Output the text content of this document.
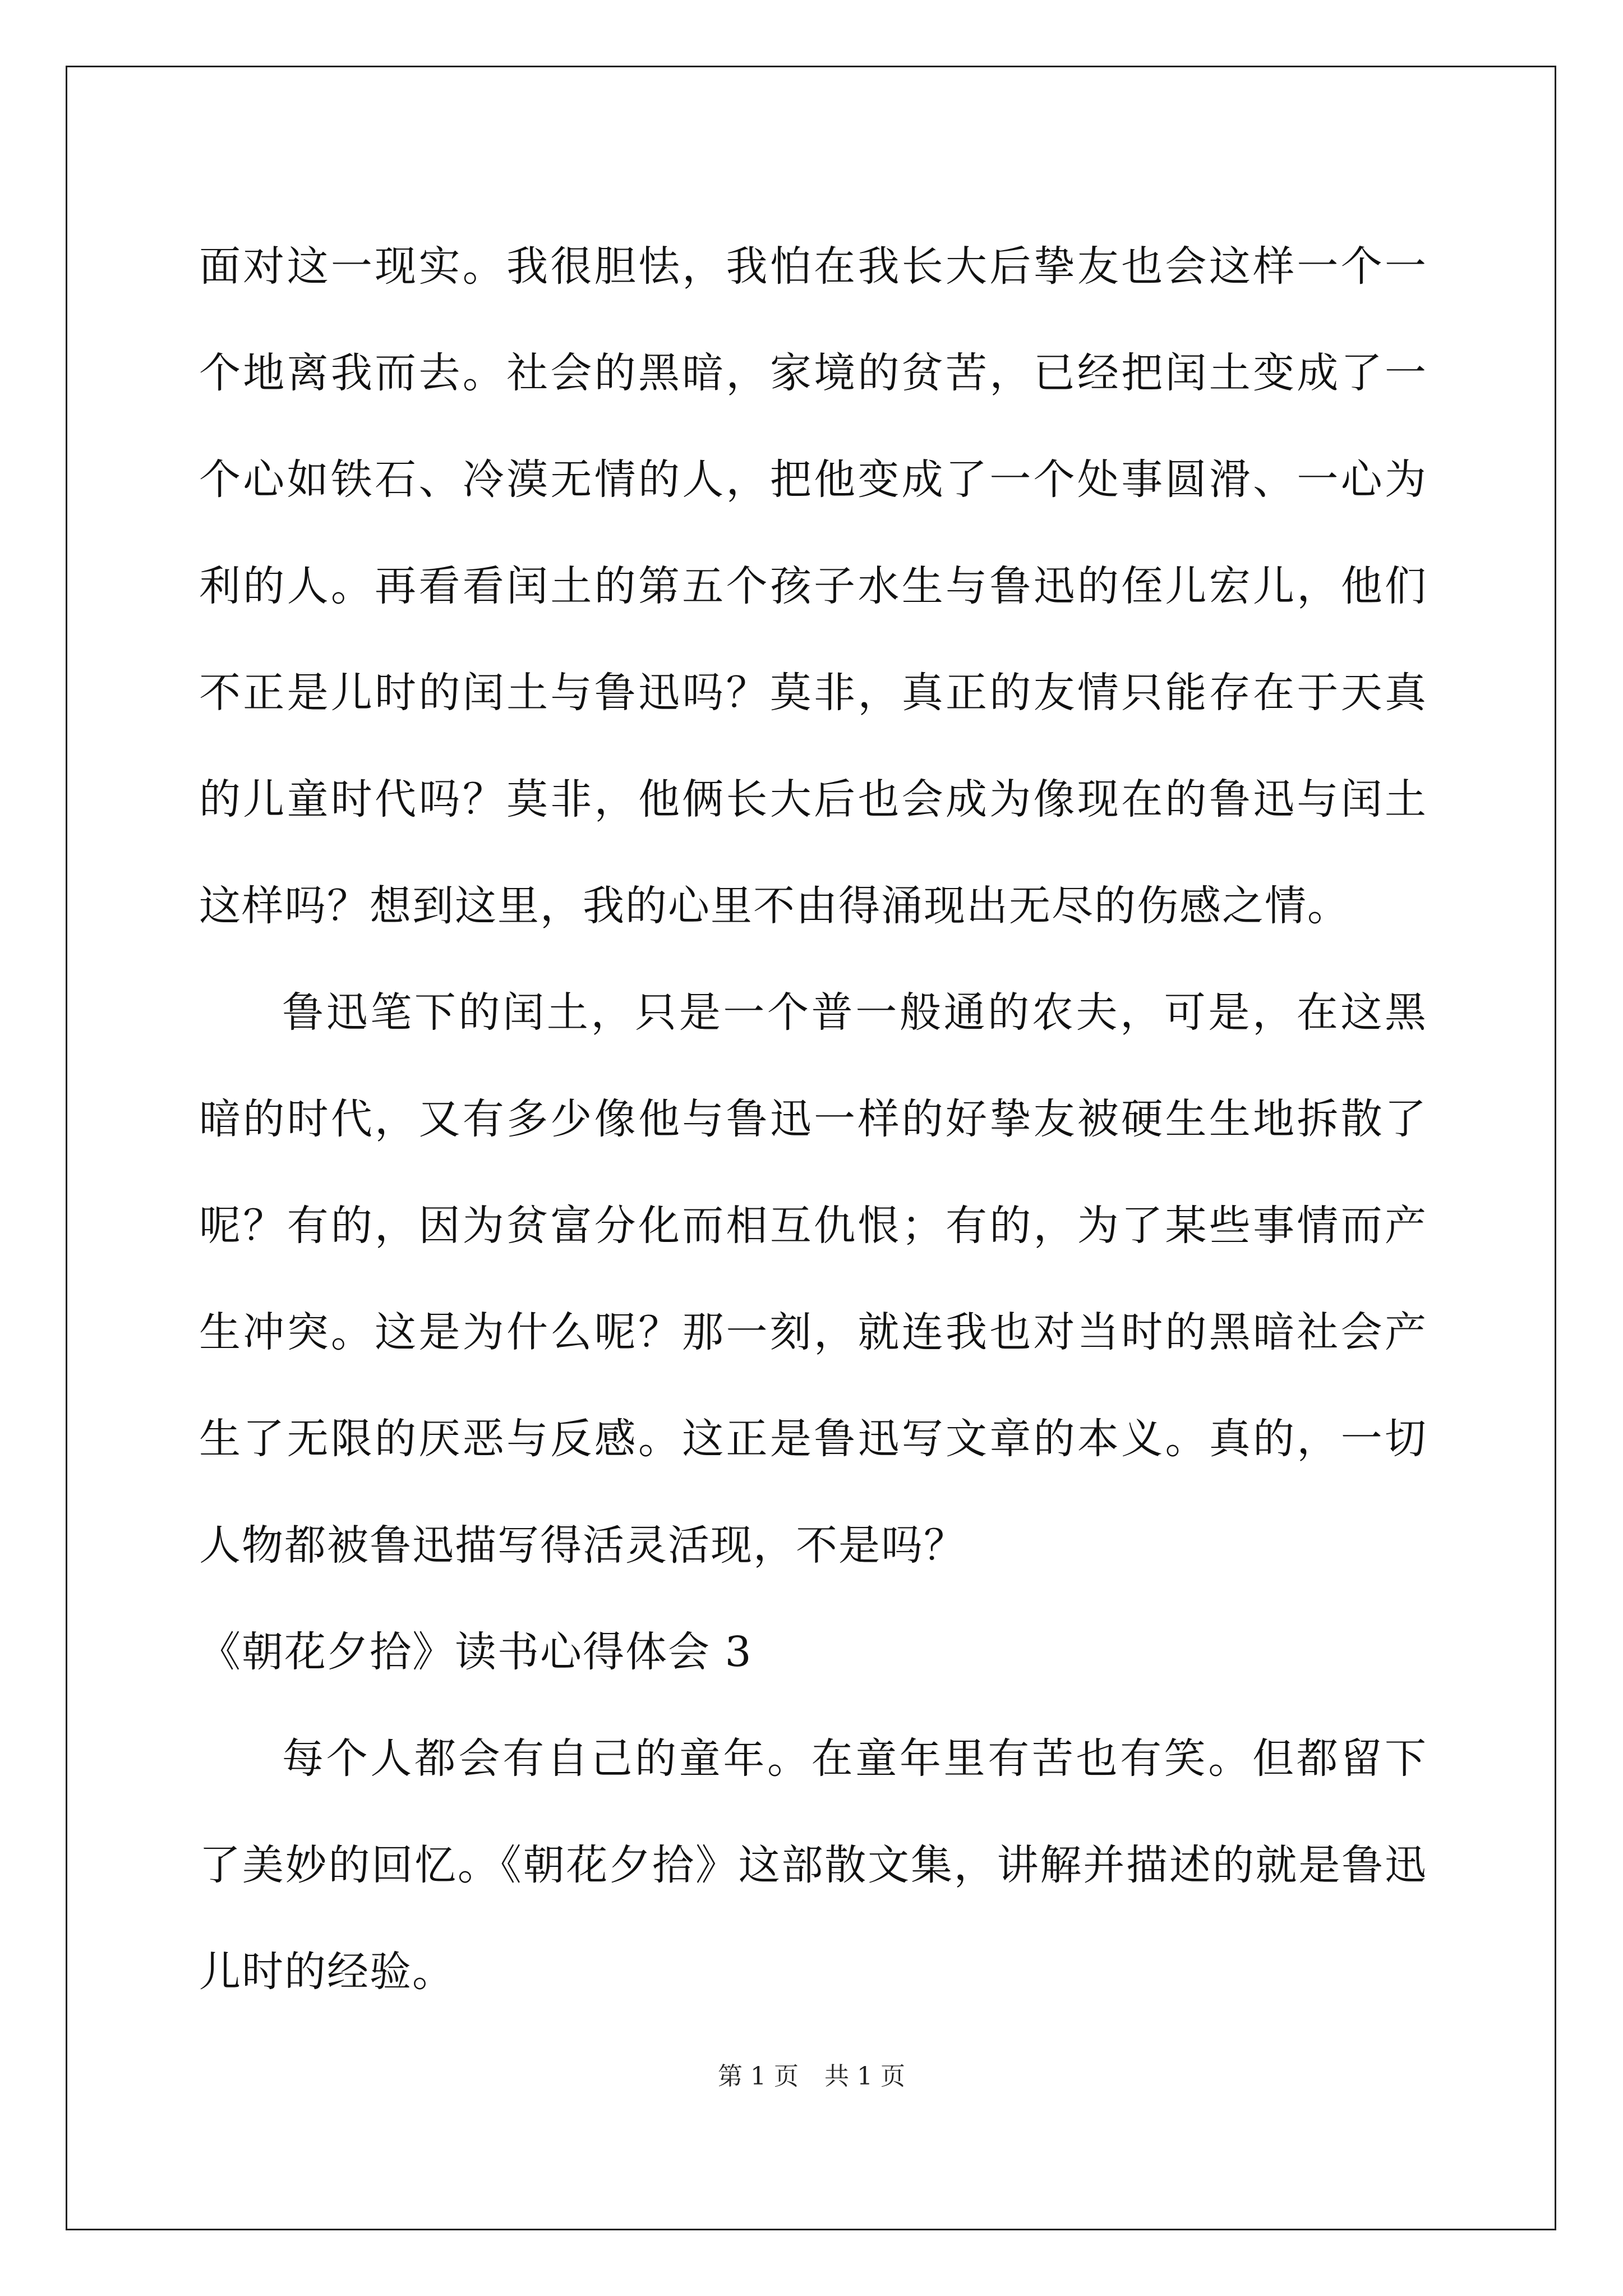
面对这一现实。我很胆怯，我怕在我长大后挚友也会这样一个一个地离我而去。社会的黑暗，家境的贫苦，已经把闰土变成了一个心如铁石、冷漠无情的人，把他变成了一个处事圆滑、一心为利的人。再看看闰土的第五个孩子水生与鲁迅的侄儿宏儿，他们不正是儿时的闰土与鲁迅吗？莫非，真正的友情只能存在于天真的儿童时代吗？莫非，他俩长大后也会成为像现在的鲁迅与闰土这样吗？想到这里，我的心里不由得涌现出无尽的伤感之情。

鲁迅笔下的闰土，只是一个普一般通的农夫，可是，在这黑暗的时代，又有多少像他与鲁迅一样的好挚友被硬生生地拆散了呢？有的，因为贫富分化而相互仇恨；有的，为了某些事情而产生冲突。这是为什么呢？那一刻，就连我也对当时的黑暗社会产生了无限的厌恶与反感。这正是鲁迅写文章的本义。真的，一切人物都被鲁迅描写得活灵活现，不是吗？

《朝花夕拾》读书心得体会 3

每个人都会有自己的童年。在童年里有苦也有笑。但都留下了美妙的回忆。《朝花夕拾》这部散文集，讲解并描述的就是鲁迅儿时的经验。

第 1 页 共 1 页
